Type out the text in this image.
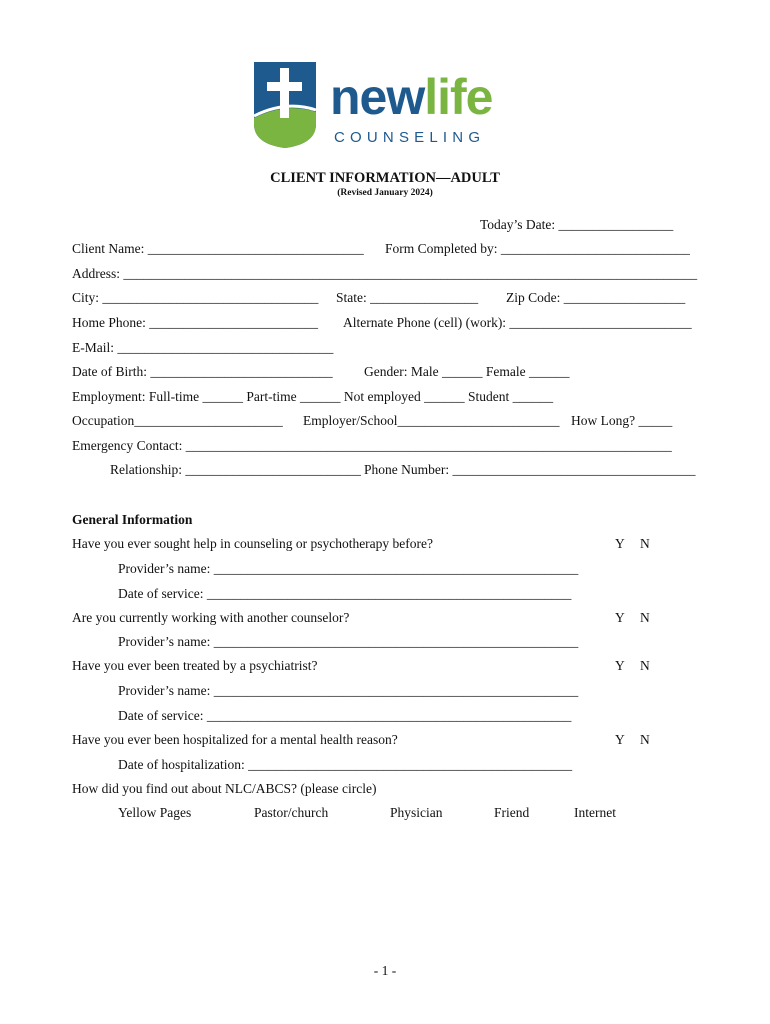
newlife
COUNSELING
CLIENT INFORMATION—ADULT
(Revised January 2024)
Today’s Date: _________________
Client Name: ________________________________ Form Completed by: ____________________________
Address: _____________________________________________________________________________________
City: ________________________________ State: ________________ Zip Code: __________________
Home Phone: _________________________ Alternate Phone (cell) (work): ___________________________
E-Mail: ________________________________
Date of Birth: ___________________________ Gender: Male ______ Female ______
Employment: Full-time ______ Part-time ______ Not employed ______ Student ______
Occupation______________________ Employer/School________________________ How Long? _____
Emergency Contact: ________________________________________________________________________
Relationship: __________________________ Phone Number: ____________________________________
General Information
Have you ever sought help in counseling or psychotherapy before?	Y N
Provider’s name: ______________________________________________________
Date of service: ______________________________________________________
Are you currently working with another counselor?	Y N
Provider’s name: ______________________________________________________
Have you ever been treated by a psychiatrist?	Y N
Provider’s name: ______________________________________________________
Date of service: ______________________________________________________
Have you ever been hospitalized for a mental health reason?	Y N
Date of hospitalization: ________________________________________________
How did you find out about NLC/ABCS? (please circle)
Yellow Pages	Pastor/church	Physician	Friend	Internet
- 1 -
